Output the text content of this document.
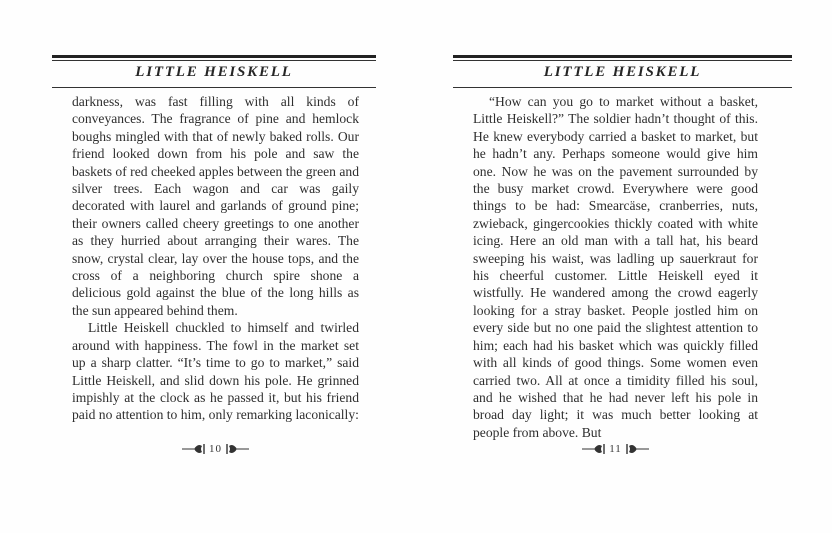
LITTLE HEISKELL

darkness, was fast filling with all kinds of conveyances. The fragrance of pine and hemlock boughs mingled with that of newly baked rolls. Our friend looked down from his pole and saw the baskets of red cheeked apples between the green and silver trees. Each wagon and car was gaily decorated with laurel and garlands of ground pine; their owners called cheery greetings to one another as they hurried about arranging their wares. The snow, crystal clear, lay over the house tops, and the cross of a neighboring church spire shone a delicious gold against the blue of the long hills as the sun appeared behind them.

Little Heiskell chuckled to himself and twirled around with happiness. The fowl in the market set up a sharp clatter. “It’s time to go to market,” said Little Heiskell, and slid down his pole. He grinned impishly at the clock as he passed it, but his friend paid no attention to him, only remarking laconically:

10
LITTLE HEISKELL

“How can you go to market without a basket, Little Heiskell?” The soldier hadn’t thought of this. He knew everybody carried a basket to market, but he hadn’t any. Perhaps someone would give him one. Now he was on the pavement surrounded by the busy market crowd. Everywhere were good things to be had: Smearcäse, cranberries, nuts, zwieback, gingercookies thickly coated with white icing. Here an old man with a tall hat, his beard sweeping his waist, was ladling up sauerkraut for his cheerful customer. Little Heiskell eyed it wistfully. He wandered among the crowd eagerly looking for a stray basket. People jostled him on every side but no one paid the slightest attention to him; each had his basket which was quickly filled with all kinds of good things. Some women even carried two. All at once a timidity filled his soul, and he wished that he had never left his pole in broad day light; it was much better looking at people from above. But

11
